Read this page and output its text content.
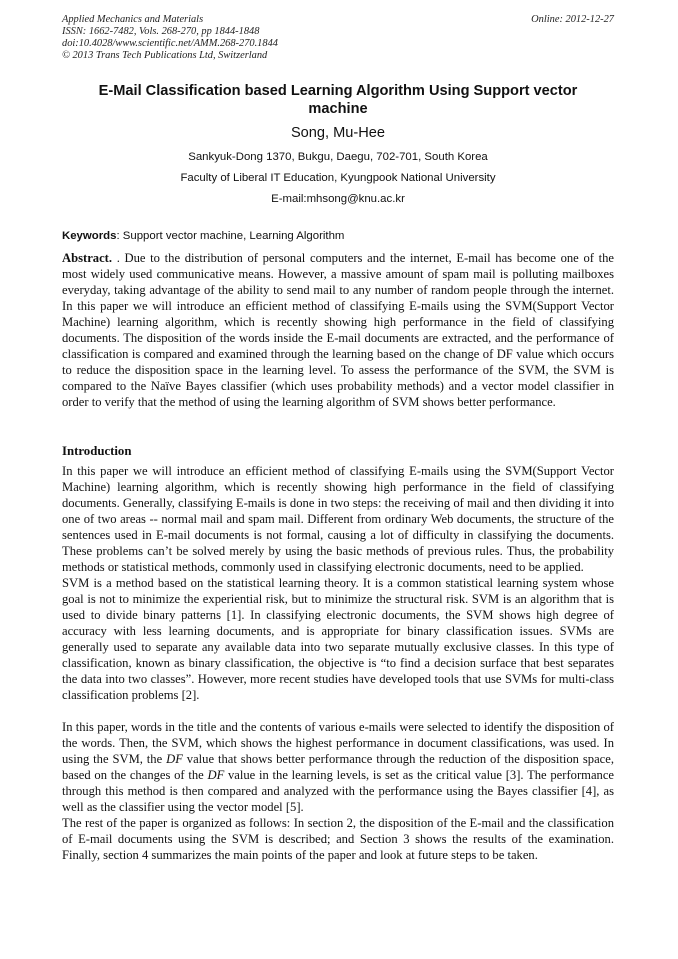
Applied Mechanics and Materials
ISSN: 1662-7482, Vols. 268-270, pp 1844-1848
doi:10.4028/www.scientific.net/AMM.268-270.1844
© 2013 Trans Tech Publications Ltd, Switzerland
Online: 2012-12-27
E-Mail Classification based Learning Algorithm Using Support vector
machine
Song, Mu-Hee
Sankyuk-Dong 1370, Bukgu, Daegu, 702-701, South Korea
Faculty of Liberal IT Education, Kyungpook National University
E-mail:mhsong@knu.ac.kr
Keywords: Support vector machine, Learning Algorithm
Abstract. . Due to the distribution of personal computers and the internet, E-mail has become one of the most widely used communicative means. However, a massive amount of spam mail is polluting mailboxes everyday, taking advantage of the ability to send mail to any number of random people through the internet. In this paper we will introduce an efficient method of classifying E-mails using the SVM(Support Vector Machine) learning algorithm, which is recently showing high performance in the field of classifying documents. The disposition of the words inside the E-mail documents are extracted, and the performance of classification is compared and examined through the learning based on the change of DF value which occurs to reduce the disposition space in the learning level. To assess the performance of the SVM, the SVM is compared to the Naïve Bayes classifier (which uses probability methods) and a vector model classifier in order to verify that the method of using the learning algorithm of SVM shows better performance.
Introduction

In this paper we will introduce an efficient method of classifying E-mails using the SVM(Support Vector Machine) learning algorithm, which is recently showing high performance in the field of classifying documents. Generally, classifying E-mails is done in two steps: the receiving of mail and then dividing it into one of two areas -- normal mail and spam mail. Different from ordinary Web documents, the structure of the sentences used in E-mail documents is not formal, causing a lot of difficulty in classifying the documents. These problems can’t be solved merely by using the basic methods of previous rules. Thus, the probability methods or statistical methods, commonly used in classifying electronic documents, need to be applied.

SVM is a method based on the statistical learning theory. It is a common statistical learning system whose goal is not to minimize the experiential risk, but to minimize the structural risk. SVM is an algorithm that is used to divide binary patterns [1]. In classifying electronic documents, the SVM shows high degree of accuracy with less learning documents, and is appropriate for binary classification issues. SVMs are generally used to separate any available data into two separate mutually exclusive classes. In this type of classification, known as binary classification, the objective is “to find a decision surface that best separates the data into two classes”. However, more recent studies have developed tools that use SVMs for multi-class classification problems [2].

In this paper, words in the title and the contents of various e-mails were selected to identify the disposition of the words. Then, the SVM, which shows the highest performance in document classifications, was used. In using the SVM, the DF value that shows better performance through the reduction of the disposition space, based on the changes of the DF value in the learning levels, is set as the critical value [3]. The performance through this method is then compared and analyzed with the performance using the Bayes classifier [4], as well as the classifier using the vector model [5].

The rest of the paper is organized as follows: In section 2, the disposition of the E-mail and the classification of E-mail documents using the SVM is described; and Section 3 shows the results of the examination. Finally, section 4 summarizes the main points of the paper and look at future steps to be taken.
